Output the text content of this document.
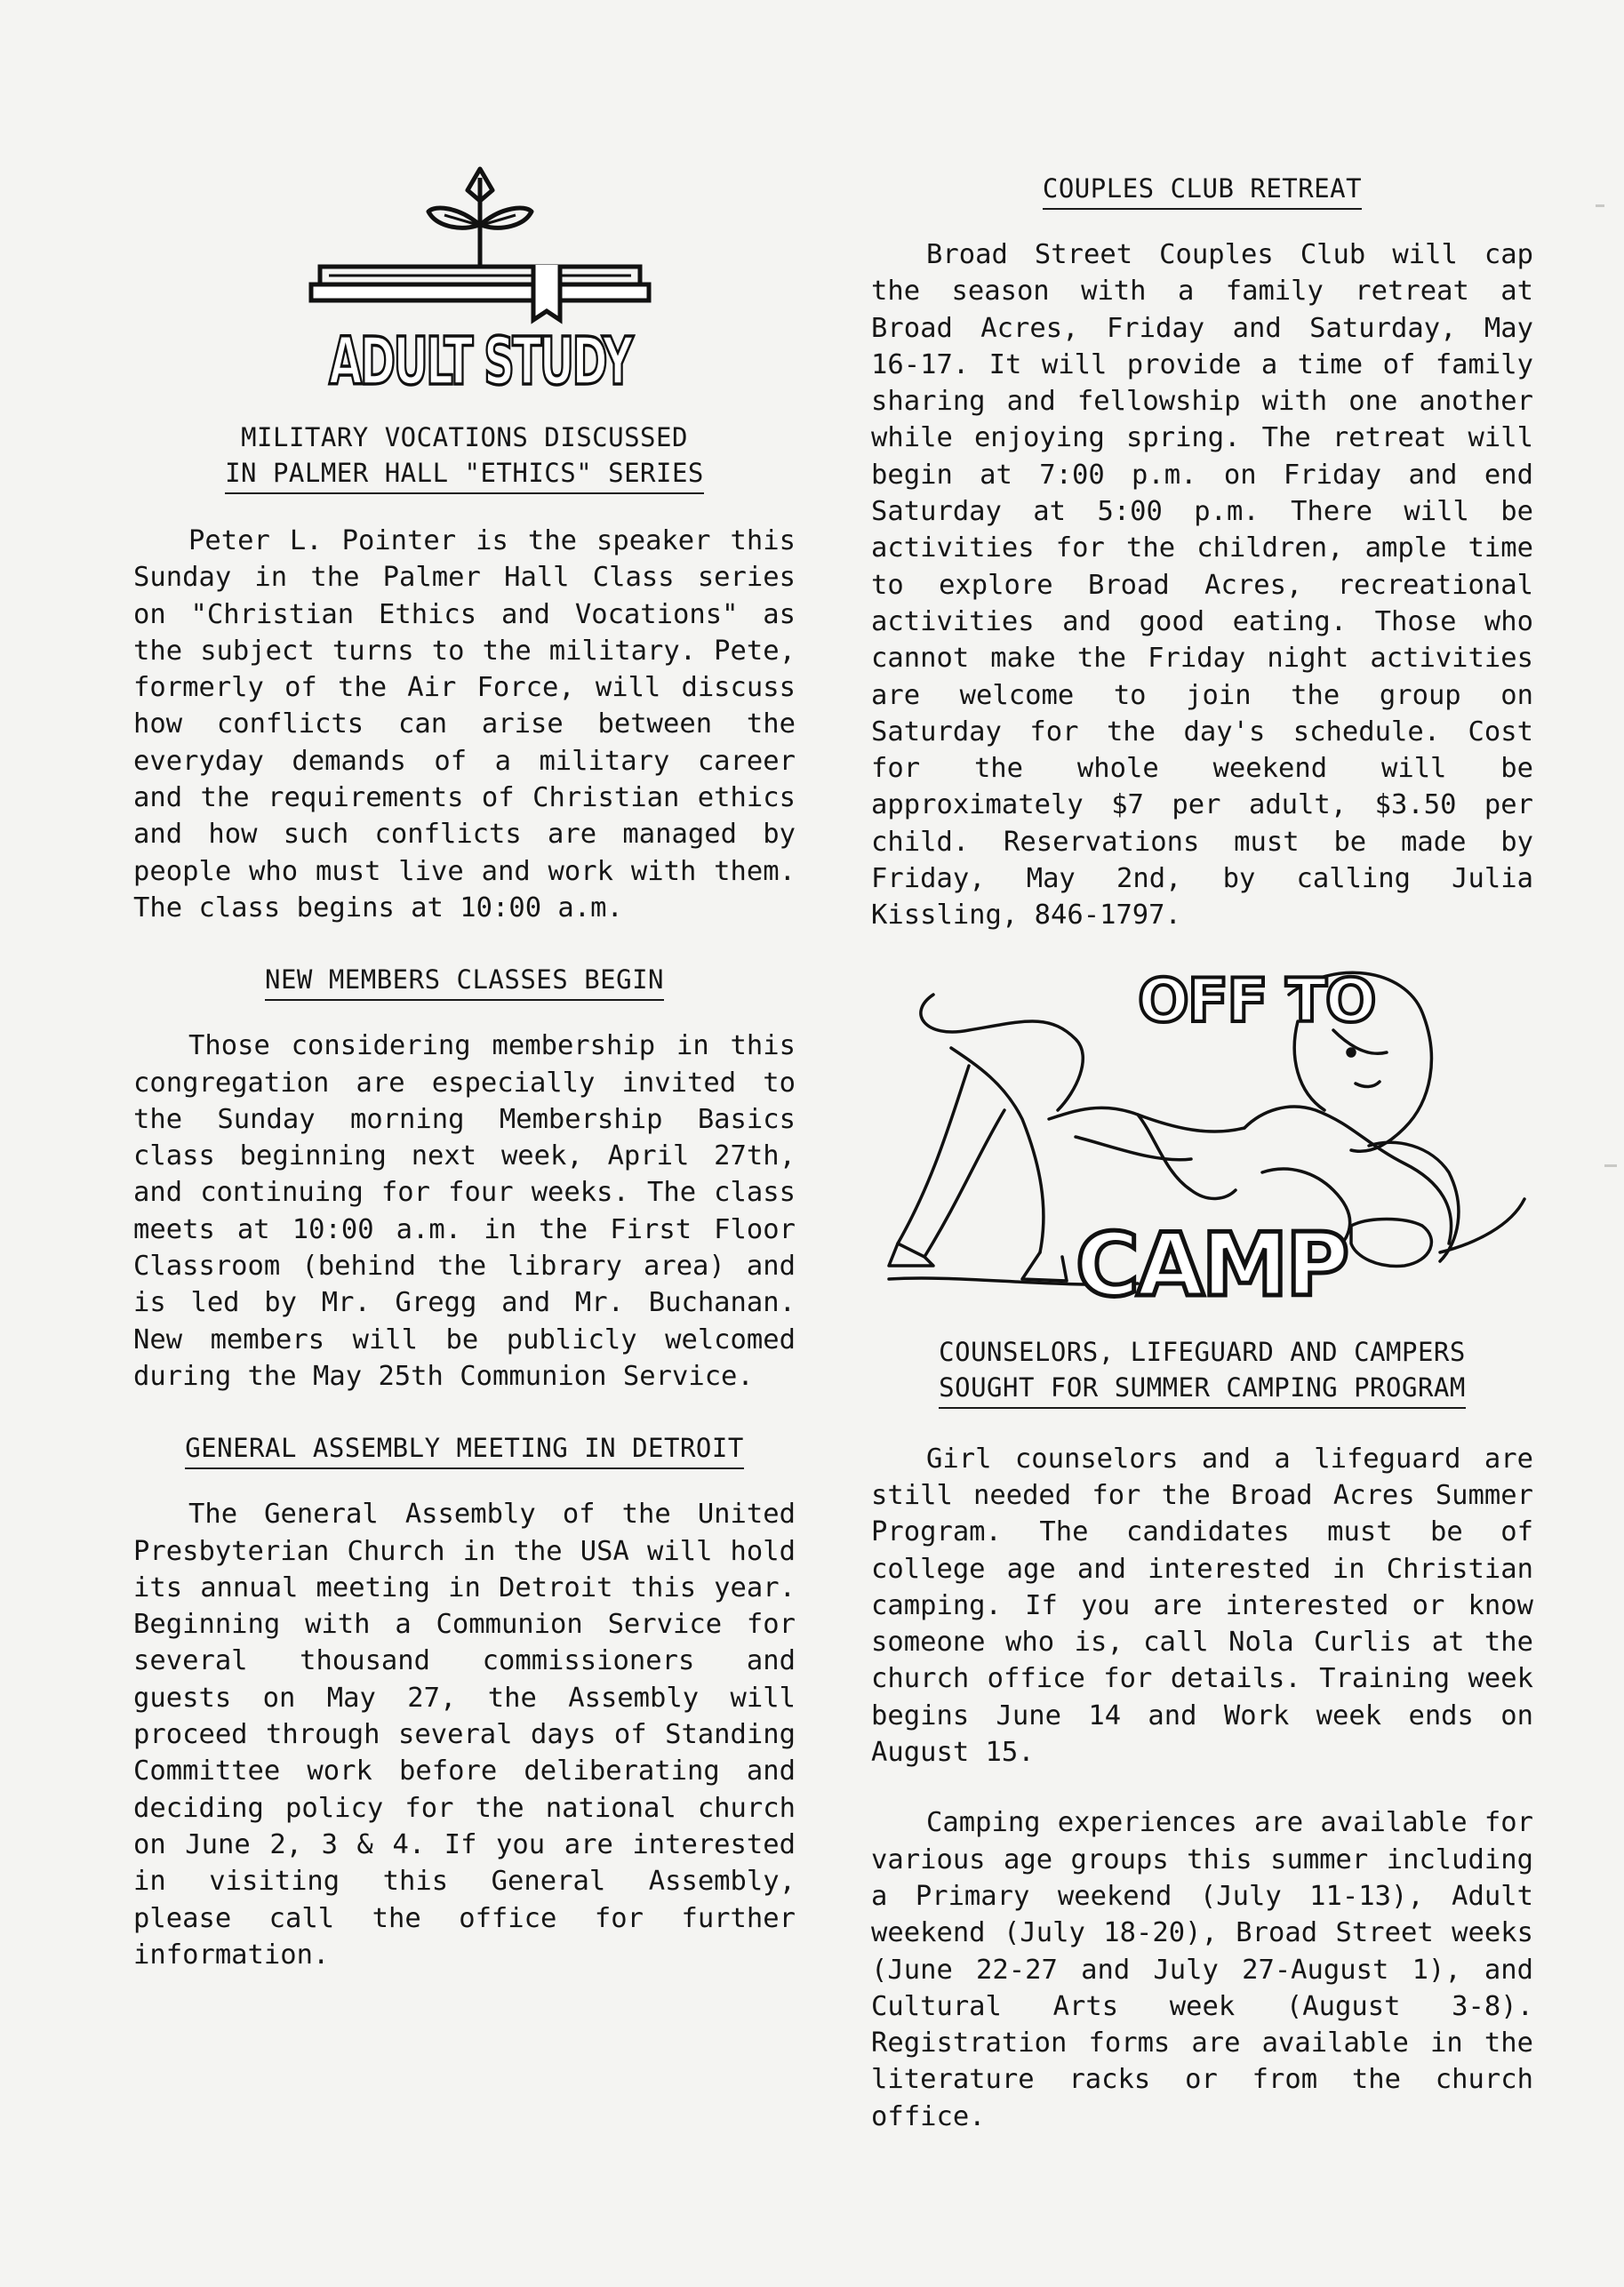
ADULT STUDY

MILITARY VOCATIONS DISCUSSED
IN PALMER HALL "ETHICS" SERIES

Peter L. Pointer is the speaker this Sunday in the Palmer Hall Class series on "Christian Ethics and Vocations" as the subject turns to the military. Pete, formerly of the Air Force, will discuss how conflicts can arise between the everyday demands of a military career and the requirements of Christian ethics and how such conflicts are managed by people who must live and work with them. The class begins at 10:00 a.m.

NEW MEMBERS CLASSES BEGIN

Those considering membership in this congregation are especially invited to the Sunday morning Membership Basics class beginning next week, April 27th, and continuing for four weeks. The class meets at 10:00 a.m. in the First Floor Classroom (behind the library area) and is led by Mr. Gregg and Mr. Buchanan. New members will be publicly welcomed during the May 25th Communion Service.

GENERAL ASSEMBLY MEETING IN DETROIT

The General Assembly of the United Presbyterian Church in the USA will hold its annual meeting in Detroit this year. Beginning with a Communion Service for several thousand commissioners and guests on May 27, the Assembly will proceed through several days of Standing Committee work before deliberating and deciding policy for the national church on June 2, 3 & 4. If you are interested in visiting this General Assembly, please call the office for further information.

COUPLES CLUB RETREAT

Broad Street Couples Club will cap the season with a family retreat at Broad Acres, Friday and Saturday, May 16-17. It will provide a time of family sharing and fellowship with one another while enjoying spring. The retreat will begin at 7:00 p.m. on Friday and end Saturday at 5:00 p.m. There will be activities for the children, ample time to explore Broad Acres, recreational activities and good eating. Those who cannot make the Friday night activities are welcome to join the group on Saturday for the day's schedule. Cost for the whole weekend will be approximately $7 per adult, $3.50 per child. Reservations must be made by Friday, May 2nd, by calling Julia Kissling, 846-1797.

OFF TO
CAMP

COUNSELORS, LIFEGUARD AND CAMPERS
SOUGHT FOR SUMMER CAMPING PROGRAM

Girl counselors and a lifeguard are still needed for the Broad Acres Summer Program. The candidates must be of college age and interested in Christian camping. If you are interested or know someone who is, call Nola Curlis at the church office for details. Training week begins June 14 and Work week ends on August 15.

Camping experiences are available for various age groups this summer including a Primary weekend (July 11-13), Adult weekend (July 18-20), Broad Street weeks (June 22-27 and July 27-August 1), and Cultural Arts week (August 3-8). Registration forms are available in the literature racks or from the church office.
